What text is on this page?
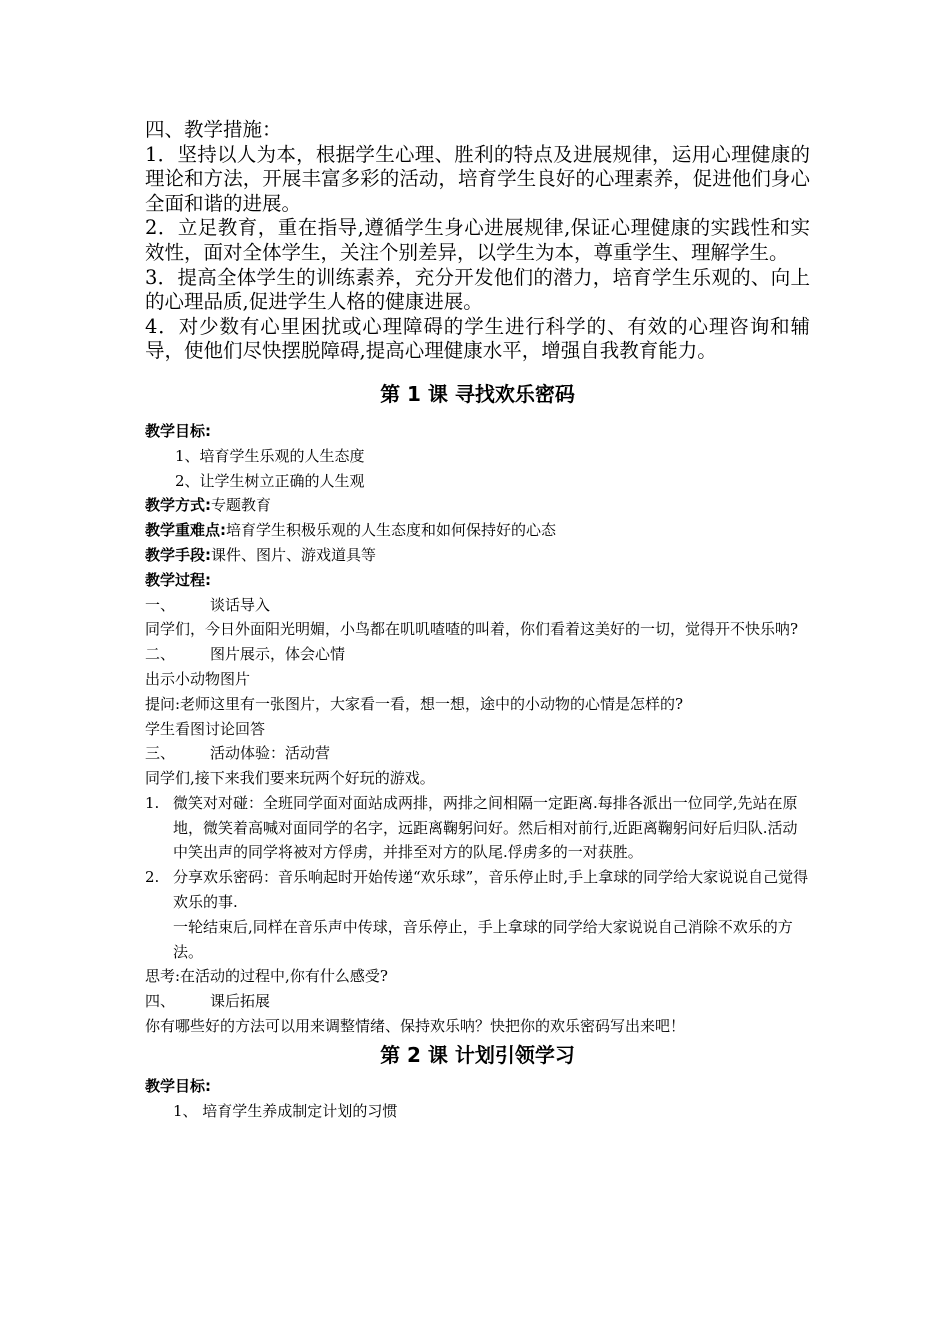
四、教学措施：

1．坚持以人为本，根据学生心理、胜利的特点及进展规律，运用心理健康的理论和方法，开展丰富多彩的活动，培育学生良好的心理素养，促进他们身心全面和谐的进展。

2．立足教育，重在指导,遵循学生身心进展规律,保证心理健康的实践性和实效性，面对全体学生，关注个别差异，以学生为本，尊重学生、理解学生。

3．提高全体学生的训练素养，充分开发他们的潜力，培育学生乐观的、向上的心理品质,促进学生人格的健康进展。

4．对少数有心里困扰或心理障碍的学生进行科学的、有效的心理咨询和辅导，使他们尽快摆脱障碍,提高心理健康水平，增强自我教育能力。

第 1 课 寻找欢乐密码

教学目标:

1、培育学生乐观的人生态度

2、让学生树立正确的人生观

教学方式:专题教育

教学重难点:培育学生积极乐观的人生态度和如何保持好的心态

教学手段:课件、图片、游戏道具等

教学过程:

一、 谈话导入

同学们，今日外面阳光明媚，小鸟都在叽叽喳喳的叫着，你们看着这美好的一切，觉得开不快乐呐?

二、 图片展示，体会心情

出示小动物图片

提问:老师这里有一张图片，大家看一看，想一想，途中的小动物的心情是怎样的?

学生看图讨论回答

三、 活动体验：活动营

同学们,接下来我们要来玩两个好玩的游戏。

1. 微笑对对碰：全班同学面对面站成两排，两排之间相隔一定距离.每排各派出一位同学,先站在原地，微笑着高喊对面同学的名字，远距离鞠躬问好。然后相对前行,近距离鞠躬问好后归队.活动中笑出声的同学将被对方俘虏，并排至对方的队尾.俘虏多的一对获胜。
2. 分享欢乐密码：音乐响起时开始传递“欢乐球”，音乐停止时,手上拿球的同学给大家说说自己觉得欢乐的事.

一轮结束后,同样在音乐声中传球，音乐停止，手上拿球的同学给大家说说自己消除不欢乐的方法。

思考:在活动的过程中,你有什么感受?

四、 课后拓展

你有哪些好的方法可以用来调整情绪、保持欢乐呐？快把你的欢乐密码写出来吧！

第 2 课 计划引领学习

教学目标:

1、 培育学生养成制定计划的习惯
